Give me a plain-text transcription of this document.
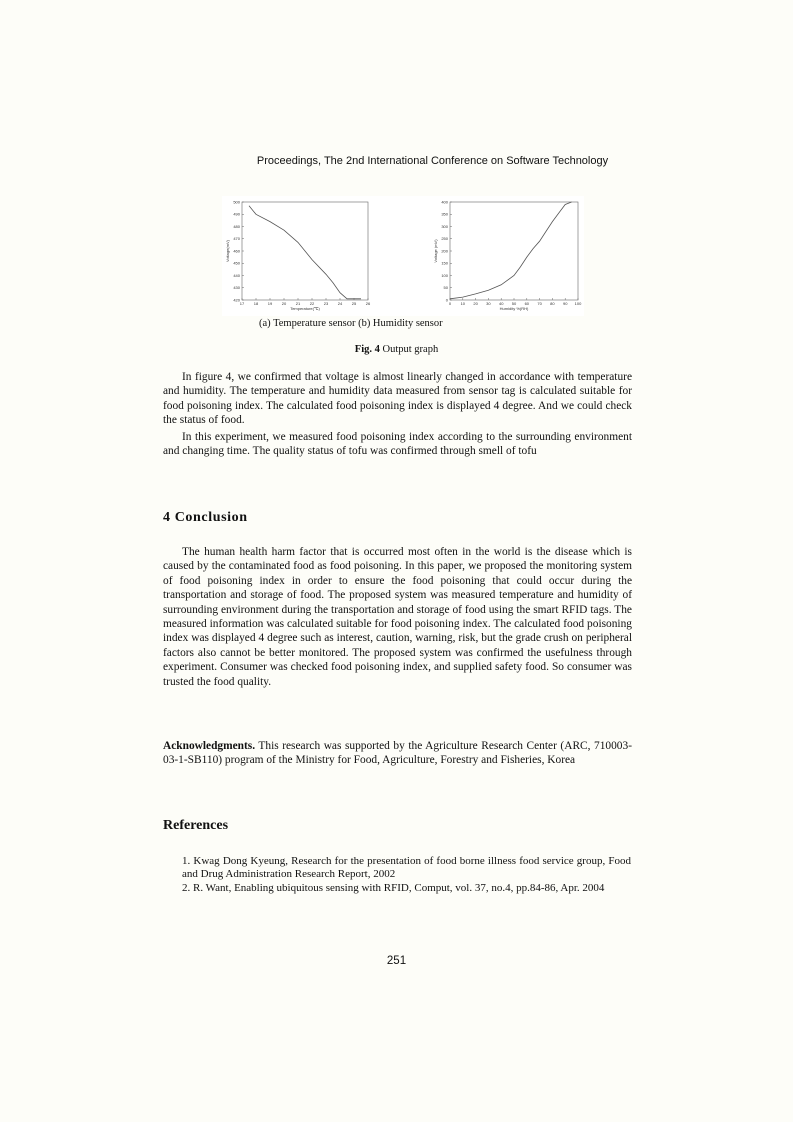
Proceedings, The 2nd International Conference on Software Technology
17 18 19 20 21 22 23 24 25 26
420
430
440
450
460
470
480
490
500
Temperature(℃)
Voltage(mV)
0 10 20 30 40 50 60 70 80 90 100
0
50
100
150
200
250
300
350
400
Humidity %(RH)
Voltage (mV)
(a) Temperature sensor (b) Humidity sensor
Fig. 4 Output graph

In figure 4, we confirmed that voltage is almost linearly changed in accordance with temperature and humidity. The temperature and humidity data measured from sensor tag is calculated suitable for food poisoning index. The calculated food poisoning index is displayed 4 degree. And we could check the status of food.

In this experiment, we measured food poisoning index according to the surrounding environment and changing time. The quality status of tofu was confirmed through smell of tofu

4 Conclusion

The human health harm factor that is occurred most often in the world is the disease which is caused by the contaminated food as food poisoning. In this paper, we proposed the monitoring system of food poisoning index in order to ensure the food poisoning that could occur during the transportation and storage of food. The proposed system was measured temperature and humidity of surrounding environment during the transportation and storage of food using the smart RFID tags. The measured information was calculated suitable for food poisoning index. The calculated food poisoning index was displayed 4 degree such as interest, caution, warning, risk, but the grade crush on peripheral factors also cannot be better monitored. The proposed system was confirmed the usefulness through experiment. Consumer was checked food poisoning index, and supplied safety food. So consumer was trusted the food quality.

Acknowledgments. This research was supported by the Agriculture Research Center (ARC, 710003-03-1-SB110) program of the Ministry for Food, Agriculture, Forestry and Fisheries, Korea

References

1. Kwag Dong Kyeung, Research for the presentation of food borne illness food service group, Food and Drug Administration Research Report, 2002

2. R. Want, Enabling ubiquitous sensing with RFID, Comput, vol. 37, no.4, pp.84-86, Apr. 2004

251
